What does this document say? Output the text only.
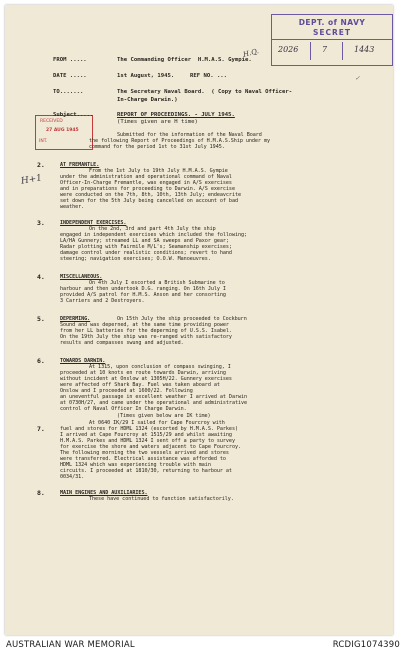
DEPT. of NAVY
SECRET
2026	7	1443
H.Q.
RECEIVED
27 AUG 1945
INT.
H+1
FROM .....	The Commanding Officer  H.M.A.S. Gympie.
DATE .....	1st August, 1945.	REF NO. ...
TO.......	The Secretary Naval Board.  ( Copy to Naval Officer-
In-Charge Darwin.)
Subject.....	REPORT OF PROCEEDINGS. - JULY 1945.
(Times given are H time)
Submitted for the information of the Naval Board
the following Report of Proceedings of H.M.A.S.Ship under my
command for the period 1st to 31st July 1945.
2.	AT FREMANTLE.
From the 1st July to 19th July H.M.A.S. Gympie
under the administration and operational command of Naval
Officer-In-Charge Fremantle, was engaged in A/S exercises
and in preparations for proceeding to Darwin. A/S exercise
were conducted on the 7th, 8th, 10th, 13th July; endeavcrite
set down for the 5th July being cancelled on account of bad
weather.
3.	INDEPENDENT EXERCISES.
On the 2nd, 3rd and part 4th July the ship
engaged in independent exercises which included the following;
LA/HA Gunnery; streamed LL and SA sweeps and Paxor gear;
Radar plotting with Fairmile M/L's; Seamanship exercises;
damage control under realistic conditions; revert to hand
steering; navigation exercises; O.O.W. Manoeuvres.
4.	MISCELLANEOUS.
On 4th July I escorted a British Submarine to
harbour and then undertook D.G. ranging. On 16th July I
provided A/S patrol for H.M.S. Anson and her consorting
3 Carriers and 2 Destroyers.
5.	DEPERMING.	On 15th July the ship proceeded to Cockburn
Sound and was deperned, at the same time providing power
from her LL batteries for the deperming of U.S.S. Isabel.
On the 19th July the ship was re-ranged with satisfactory
results and compasses swung and adjusted.
6.	TOWARDS DARWIN.
At 1315, upon conclusion of compass swinging, I
proceeded at 10 knots en route towards Darwin, arriving
without incident at Onslow at 1305H/22. Gunnery exercises
were affected off Shark Bay. Fuel was taken aboard at
Onslow and I proceeded at 1600/22. Following
an uneventful passage in excellent weather I arrived at Darwin
at 0730H/27, and came under the operational and administrative
control of Naval Officer In Charge Darwin.
(Times given below are IK time)
7.
At 0640 IK/29 I sailed for Cape Fourcroy with
fuel and stores for HDML 1324 (escorted by H.M.A.S. Parkes)
I arrived at Cape Fourcroy at 1515/29 and whilst awaiting
H.M.A.S. Parkes and HDML 1324 I sent off a party to survey
for exercise the shore and waters adjacent to Cape Fourcroy.
The following morning the two vessels arrived and stores
were transferred. Electrical assistance was afforded to
HDML 1324 which was experiencing trouble with main
circuits. I proceeded at 1810/30, returning to harbour at
0034/31.
8.	MAIN ENGINES AND AUXILIARIES.
These have continued to function satisfactorily.
✓
AUSTRALIAN WAR MEMORIAL	RCDIG1074390
